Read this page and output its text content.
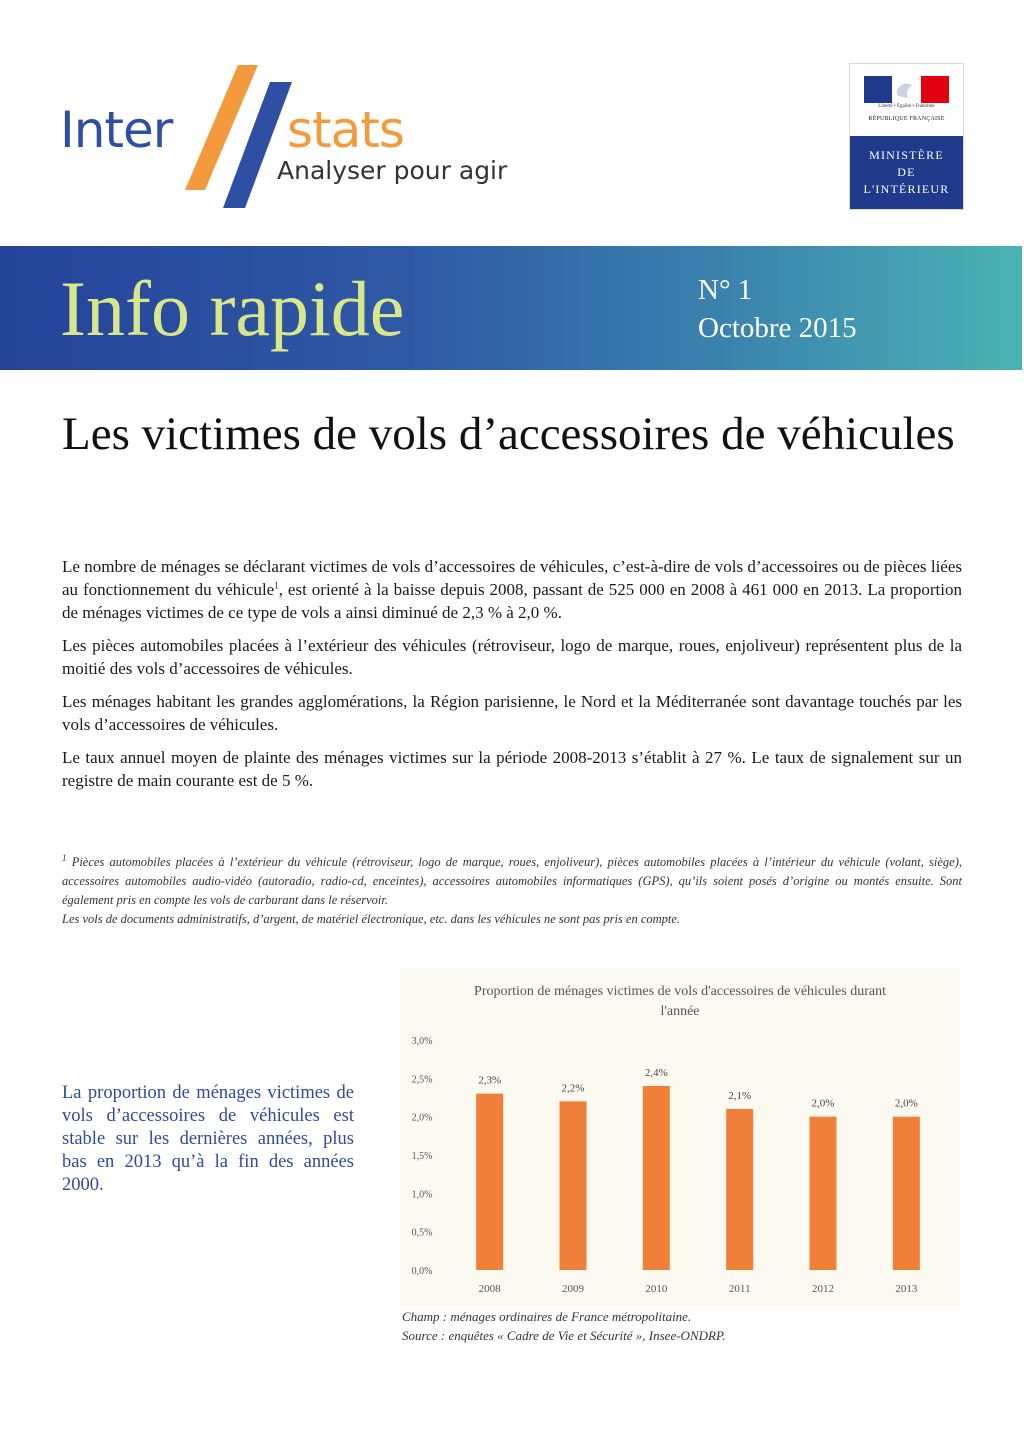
Inter stats
Analyser pour agir
Liberté • Égalité • Fraternité
RÉPUBLIQUE FRANÇAISE
MINISTÈRE
DE
L'INTÉRIEUR
Info rapide	N° 1
Octobre 2015
Les victimes de vols d’accessoires de véhicules

Le nombre de ménages se déclarant victimes de vols d’accessoires de véhicules, c’est-à-dire de vols d’accessoires ou de pièces liées au fonctionnement du véhicule$^1$, est orienté à la baisse depuis 2008, passant de 525 000 en 2008 à 461 000 en 2013. La proportion de ménages victimes de ce type de vols a ainsi diminué de 2,3 % à 2,0 %.

Les pièces automobiles placées à l’extérieur des véhicules (rétroviseur, logo de marque, roues, enjoliveur) représentent plus de la moitié des vols d’accessoires de véhicules.

Les ménages habitant les grandes agglomérations, la Région parisienne, le Nord et la Méditerranée sont davantage touchés par les vols d’accessoires de véhicules.

Le taux annuel moyen de plainte des ménages victimes sur la période 2008-2013 s’établit à 27 %. Le taux de signalement sur un registre de main courante est de 5 %.

$^1$ Pièces automobiles placées à l’extérieur du véhicule (rétroviseur, logo de marque, roues, enjoliveur), pièces automobiles placées à l’intérieur du véhicule (volant, siège), accessoires automobiles audio-vidéo (autoradio, radio-cd, enceintes), accessoires automobiles informatiques (GPS), qu’ils soient posés d’origine ou montés ensuite. Sont également pris en compte les vols de carburant dans le réservoir.

Les vols de documents administratifs, d’argent, de matériel électronique, etc. dans les véhicules ne sont pas pris en compte.

La proportion de ménages victimes de vols d’accessoires de véhicules est stable sur les dernières années, plus bas en 2013 qu’à la fin des années 2000.

Proportion de ménages victimes de vols d'accessoires de véhicules durant l'année
0,0%
0,5%
1,0%
1,5%
2,0%
2,5%
3,0%
2,3%
2008
2,2%
2009
2,4%
2010
2,1%
2011
2,0%
2012
2,0%
2013

Champ : ménages ordinaires de France métropolitaine.

Source : enquêtes « Cadre de Vie et Sécurité », Insee-ONDRP.
